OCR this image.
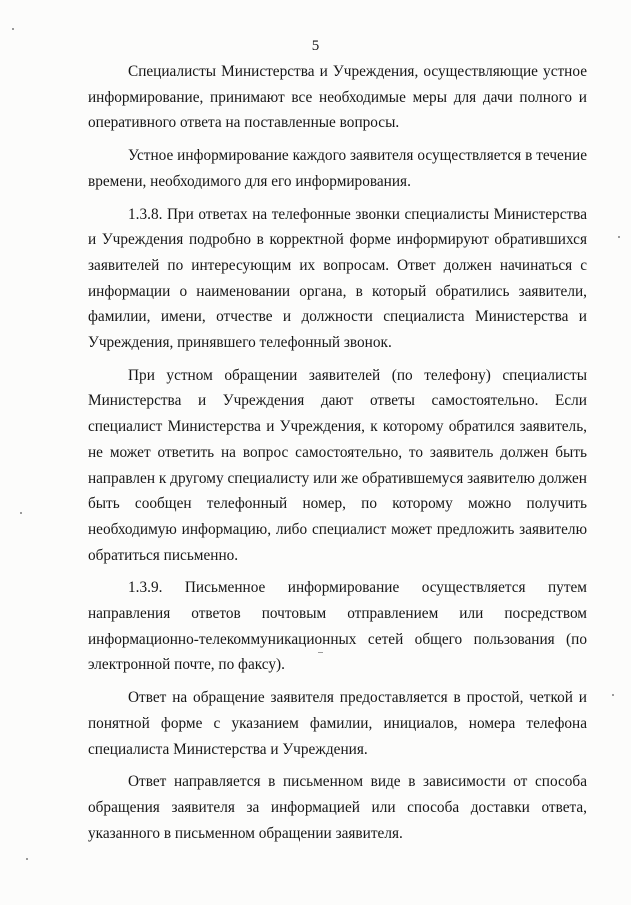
5

Специалисты Министерства и Учреждения, осуществляющие устное информирование, принимают все необходимые меры для дачи полного и оперативного ответа на поставленные вопросы.

Устное информирование каждого заявителя осуществляется в течение времени, необходимого для его информирования.

1.3.8. При ответах на телефонные звонки специалисты Министерства и Учреждения подробно в корректной форме информируют обратившихся заявителей по интересующим их вопросам. Ответ должен начинаться с информации о наименовании органа, в который обратились заявители, фамилии, имени, отчестве и должности специалиста Министерства и Учреждения, принявшего телефонный звонок.

При устном обращении заявителей (по телефону) специалисты Министерства и Учреждения дают ответы самостоятельно. Если специалист Министерства и Учреждения, к которому обратился заявитель, не может ответить на вопрос самостоятельно, то заявитель должен быть направлен к другому специалисту или же обратившемуся заявителю должен быть сообщен телефонный номер, по которому можно получить необходимую информацию, либо специалист может предложить заявителю обратиться письменно.

1.3.9. Письменное информирование осуществляется путем направления ответов почтовым отправлением или посредством информационно-телекоммуникационных сетей общего пользования (по электронной почте, по факсу).

Ответ на обращение заявителя предоставляется в простой, четкой и понятной форме с указанием фамилии, инициалов, номера телефона специалиста Министерства и Учреждения.

Ответ направляется в письменном виде в зависимости от способа обращения заявителя за информацией или способа доставки ответа, указанного в письменном обращении заявителя.
